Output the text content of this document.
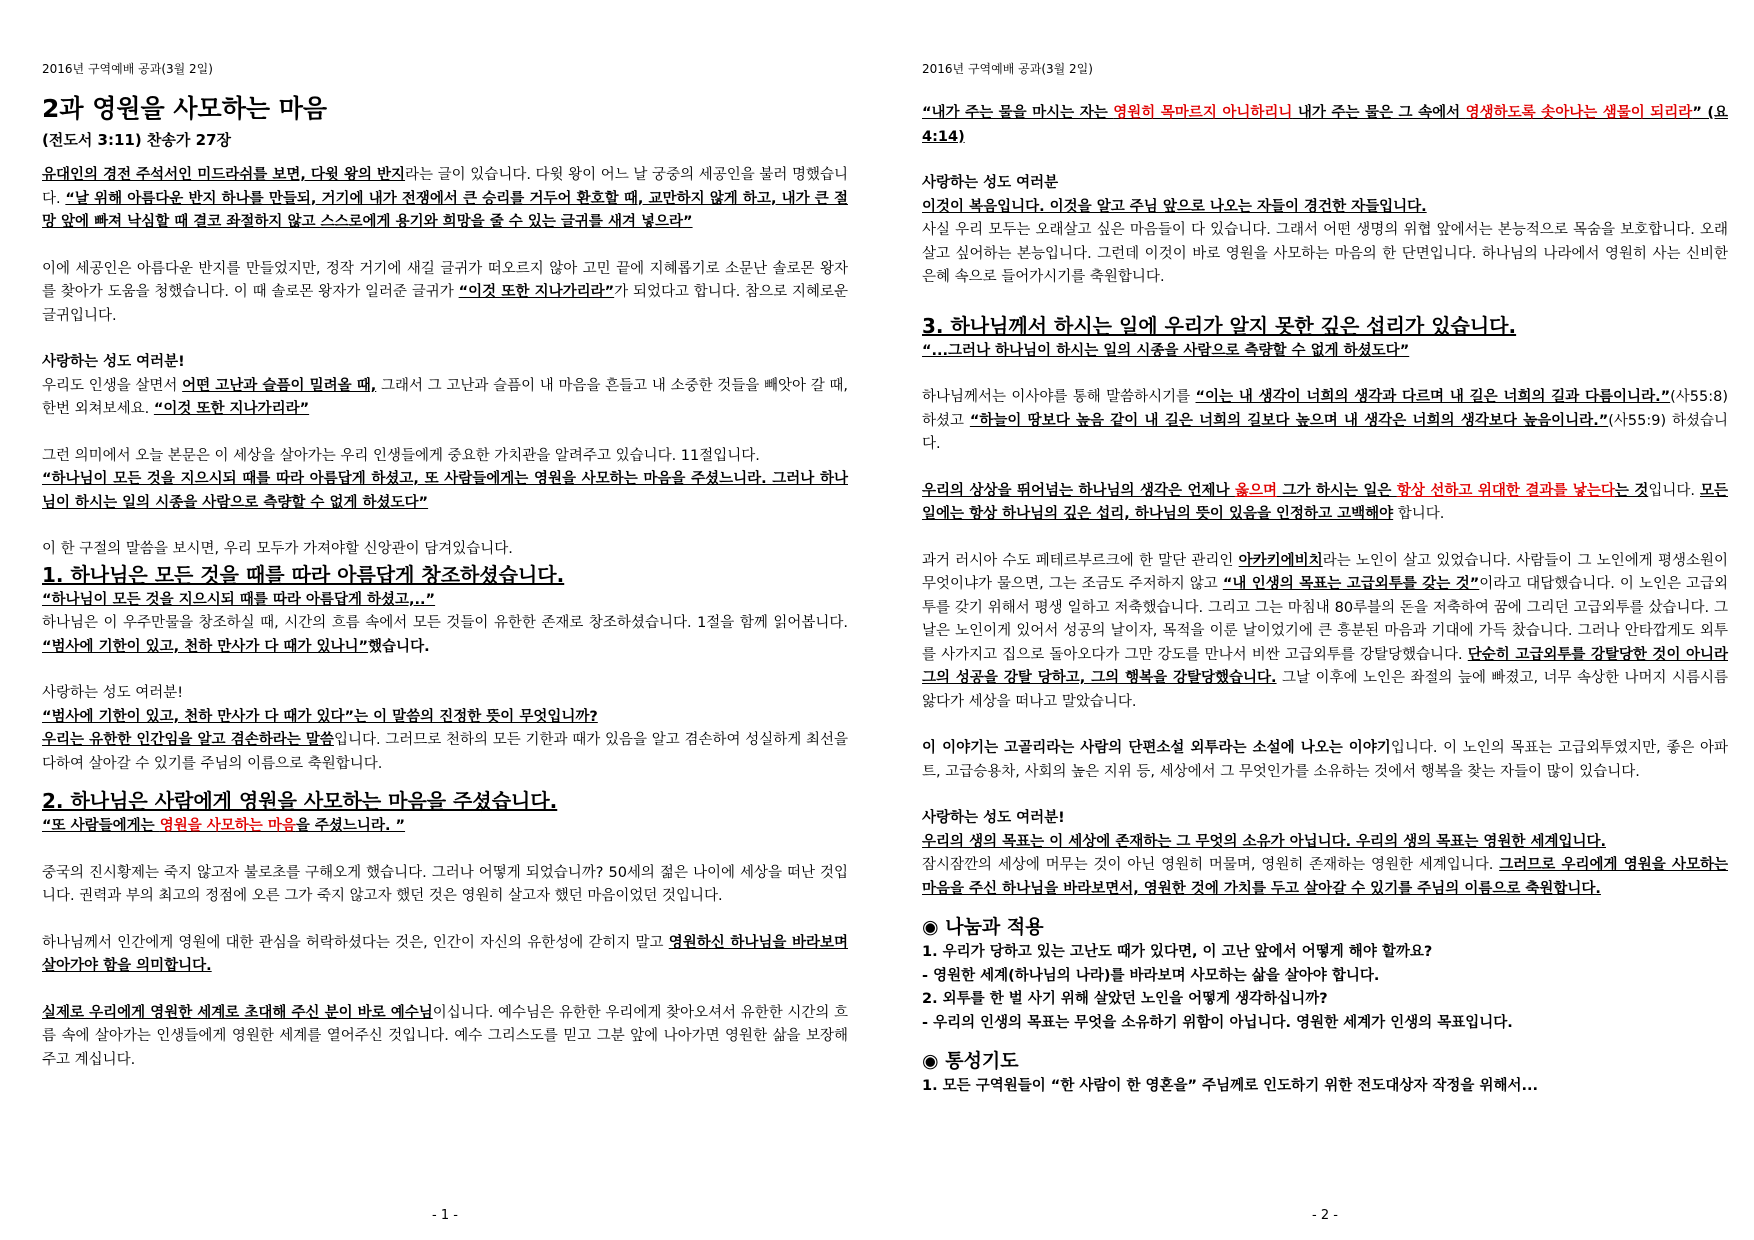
2016년 구역예배 공과(3월 2일)
2과 영원을 사모하는 마음

(전도서 3:11) 찬송가 27장

유대인의 경전 주석서인 미드라쉬를 보면, 다윗 왕의 반지라는 글이 있습니다. 다윗 왕이 어느 날 궁중의 세공인을 불러 명했습니다. “날 위해 아름다운 반지 하나를 만들되, 거기에 내가 전쟁에서 큰 승리를 거두어 환호할 때, 교만하지 않게 하고, 내가 큰 절망 앞에 빠져 낙심할 때 결코 좌절하지 않고 스스로에게 용기와 희망을 줄 수 있는 글귀를 새겨 넣으라”

이에 세공인은 아름다운 반지를 만들었지만, 정작 거기에 새길 글귀가 떠오르지 않아 고민 끝에 지혜롭기로 소문난 솔로몬 왕자를 찾아가 도움을 청했습니다. 이 때 솔로몬 왕자가 일러준 글귀가 “이것 또한 지나가리라”가 되었다고 합니다. 참으로 지혜로운 글귀입니다.

사랑하는 성도 여러분!

우리도 인생을 살면서 어떤 고난과 슬픔이 밀려올 때, 그래서 그 고난과 슬픔이 내 마음을 흔들고 내 소중한 것들을 빼앗아 갈 때, 한번 외쳐보세요. “이것 또한 지나가리라”

그런 의미에서 오늘 본문은 이 세상을 살아가는 우리 인생들에게 중요한 가치관을 알려주고 있습니다. 11절입니다.

“하나님이 모든 것을 지으시되 때를 따라 아름답게 하셨고, 또 사람들에게는 영원을 사모하는 마음을 주셨느니라. 그러나 하나님이 하시는 일의 시종을 사람으로 측량할 수 없게 하셨도다”

이 한 구절의 말씀을 보시면, 우리 모두가 가져야할 신앙관이 담겨있습니다.

1. 하나님은 모든 것을 때를 따라 아름답게 창조하셨습니다.

“하나님이 모든 것을 지으시되 때를 따라 아름답게 하셨고,..”

하나님은 이 우주만물을 창조하실 때, 시간의 흐름 속에서 모든 것들이 유한한 존재로 창조하셨습니다. 1절을 함께 읽어봅니다. “범사에 기한이 있고, 천하 만사가 다 때가 있나니”했습니다.

사랑하는 성도 여러분!

“범사에 기한이 있고, 천하 만사가 다 때가 있다”는 이 말씀의 진정한 뜻이 무엇입니까?

우리는 유한한 인간임을 알고 겸손하라는 말씀입니다. 그러므로 천하의 모든 기한과 때가 있음을 알고 겸손하여 성실하게 최선을 다하여 살아갈 수 있기를 주님의 이름으로 축원합니다.

2. 하나님은 사람에게 영원을 사모하는 마음을 주셨습니다.

“또 사람들에게는 영원을 사모하는 마음을 주셨느니라. ”

중국의 진시황제는 죽지 않고자 불로초를 구해오게 했습니다. 그러나 어떻게 되었습니까? 50세의 젊은 나이에 세상을 떠난 것입니다. 권력과 부의 최고의 정점에 오른 그가 죽지 않고자 했던 것은 영원히 살고자 했던 마음이었던 것입니다.

하나님께서 인간에게 영원에 대한 관심을 허락하셨다는 것은, 인간이 자신의 유한성에 갇히지 말고 영원하신 하나님을 바라보며 살아가야 함을 의미합니다.

실제로 우리에게 영원한 세계로 초대해 주신 분이 바로 예수님이십니다. 예수님은 유한한 우리에게 찾아오셔서 유한한 시간의 흐름 속에 살아가는 인생들에게 영원한 세계를 열어주신 것입니다. 예수 그리스도를 믿고 그분 앞에 나아가면 영원한 삶을 보장해 주고 계십니다.

- 1 -
2016년 구역예배 공과(3월 2일)

“내가 주는 물을 마시는 자는 영원히 목마르지 아니하리니 내가 주는 물은 그 속에서 영생하도록 솟아나는 샘물이 되리라” (요4:14)

사랑하는 성도 여러분

이것이 복음입니다. 이것을 알고 주님 앞으로 나오는 자들이 경건한 자들입니다.

사실 우리 모두는 오래살고 싶은 마음들이 다 있습니다. 그래서 어떤 생명의 위협 앞에서는 본능적으로 목숨을 보호합니다. 오래살고 싶어하는 본능입니다. 그런데 이것이 바로 영원을 사모하는 마음의 한 단면입니다. 하나님의 나라에서 영원히 사는 신비한 은혜 속으로 들어가시기를 축원합니다.

3. 하나님께서 하시는 일에 우리가 알지 못한 깊은 섭리가 있습니다.

“...그러나 하나님이 하시는 일의 시종을 사람으로 측량할 수 없게 하셨도다”

하나님께서는 이사야를 통해 말씀하시기를 “이는 내 생각이 너희의 생각과 다르며 내 길은 너희의 길과 다름이니라.”(사55:8) 하셨고 “하늘이 땅보다 높음 같이 내 길은 너희의 길보다 높으며 내 생각은 너희의 생각보다 높음이니라.”(사55:9) 하셨습니다.

우리의 상상을 뛰어넘는 하나님의 생각은 언제나 옳으며 그가 하시는 일은 항상 선하고 위대한 결과를 낳는다는 것입니다. 모든 일에는 항상 하나님의 깊은 섭리, 하나님의 뜻이 있음을 인정하고 고백해야 합니다.

과거 러시아 수도 페테르부르크에 한 말단 관리인 아카키에비치라는 노인이 살고 있었습니다. 사람들이 그 노인에게 평생소원이 무엇이냐가 물으면, 그는 조금도 주저하지 않고 “내 인생의 목표는 고급외투를 갖는 것”이라고 대답했습니다. 이 노인은 고급외투를 갖기 위해서 평생 일하고 저축했습니다. 그리고 그는 마침내 80루블의 돈을 저축하여 꿈에 그리던 고급외투를 샀습니다. 그날은 노인이게 있어서 성공의 날이자, 목적을 이룬 날이었기에 큰 흥분된 마음과 기대에 가득 찼습니다. 그러나 안타깝게도 외투를 사가지고 집으로 돌아오다가 그만 강도를 만나서 비싼 고급외투를 강탈당했습니다. 단순히 고급외투를 강탈당한 것이 아니라 그의 성공을 강탈 당하고, 그의 행복을 강탈당했습니다. 그날 이후에 노인은 좌절의 늪에 빠졌고, 너무 속상한 나머지 시름시름 앓다가 세상을 떠나고 말았습니다.

이 이야기는 고골리라는 사람의 단편소설 외투라는 소설에 나오는 이야기입니다. 이 노인의 목표는 고급외투였지만, 좋은 아파트, 고급승용차, 사회의 높은 지위 등, 세상에서 그 무엇인가를 소유하는 것에서 행복을 찾는 자들이 많이 있습니다.

사랑하는 성도 여러분!

우리의 생의 목표는 이 세상에 존재하는 그 무엇의 소유가 아닙니다. 우리의 생의 목표는 영원한 세계입니다.

잠시잠깐의 세상에 머무는 것이 아닌 영원히 머물며, 영원히 존재하는 영원한 세계입니다. 그러므로 우리에게 영원을 사모하는 마음을 주신 하나님을 바라보면서, 영원한 것에 가치를 두고 살아갈 수 있기를 주님의 이름으로 축원합니다.

◉ 나눔과 적용

1. 우리가 당하고 있는 고난도 때가 있다면, 이 고난 앞에서 어떻게 해야 할까요?

- 영원한 세계(하나님의 나라)를 바라보며 사모하는 삶을 살아야 합니다.

2. 외투를 한 벌 사기 위해 살았던 노인을 어떻게 생각하십니까?

- 우리의 인생의 목표는 무엇을 소유하기 위함이 아닙니다. 영원한 세계가 인생의 목표입니다.

◉ 통성기도

1. 모든 구역원들이 “한 사람이 한 영혼을” 주님께로 인도하기 위한 전도대상자 작정을 위해서...

- 2 -
